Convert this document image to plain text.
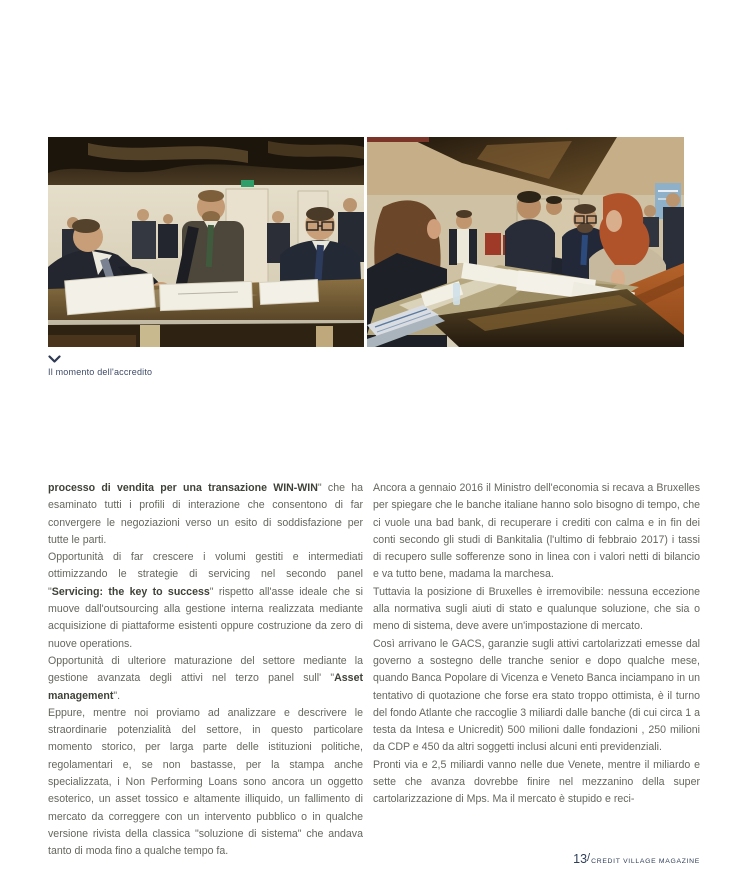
Il momento dell'accredito

processo di vendita per una transazione WIN-WIN" che ha esaminato tutti i profili di interazione che consentono di far convergere le negoziazioni verso un esito di soddisfazione per tutte le parti.

Opportunità di far crescere i volumi gestiti e intermediati ottimizzando le strategie di servicing nel secondo panel "Servicing: the key to success" rispetto all'asse ideale che si muove dall'outsourcing alla gestione interna realizzata mediante acquisizione di piattaforme esistenti oppure costruzione da zero di nuove operations.

Opportunità di ulteriore maturazione del settore mediante la gestione avanzata degli attivi nel terzo panel sull' "Asset management".

Eppure, mentre noi proviamo ad analizzare e descrivere le straordinarie potenzialità del settore, in questo particolare momento storico, per larga parte delle istituzioni politiche, regolamentari e, se non bastasse, per la stampa anche specializzata, i Non Performing Loans sono ancora un oggetto esoterico, un asset tossico e altamente illiquido, un fallimento di mercato da correggere con un intervento pubblico o in qualche versione rivista della classica "soluzione di sistema" che andava tanto di moda fino a qualche tempo fa.

Ancora a gennaio 2016 il Ministro dell'economia si recava a Bruxelles per spiegare che le banche italiane hanno solo bisogno di tempo, che ci vuole una bad bank, di recuperare i crediti con calma e in fin dei conti secondo gli studi di Bankitalia (l'ultimo di febbraio 2017) i tassi di recupero sulle sofferenze sono in linea con i valori netti di bilancio e va tutto bene, madama la marchesa.

Tuttavia la posizione di Bruxelles è irremovibile: nessuna eccezione alla normativa sugli aiuti di stato e qualunque soluzione, che sia o meno di sistema, deve avere un'impostazione di mercato.

Così arrivano le GACS, garanzie sugli attivi cartolarizzati emesse dal governo a sostegno delle tranche senior e dopo qualche mese, quando Banca Popolare di Vicenza e Veneto Banca inciampano in un tentativo di quotazione che forse era stato troppo ottimista, è il turno del fondo Atlante che raccoglie 3 miliardi dalle banche (di cui circa 1 a testa da Intesa e Unicredit) 500 milioni dalle fondazioni , 250 milioni da CDP e 450 da altri soggetti inclusi alcuni enti previdenziali.

Pronti via e 2,5 miliardi vanno nelle due Venete, mentre il miliardo e sette che avanza dovrebbe finire nel mezzanino della super cartolarizzazione di Mps. Ma il mercato è stupido e reci-

13 / CREDIT VILLAGE MAGAZINE
